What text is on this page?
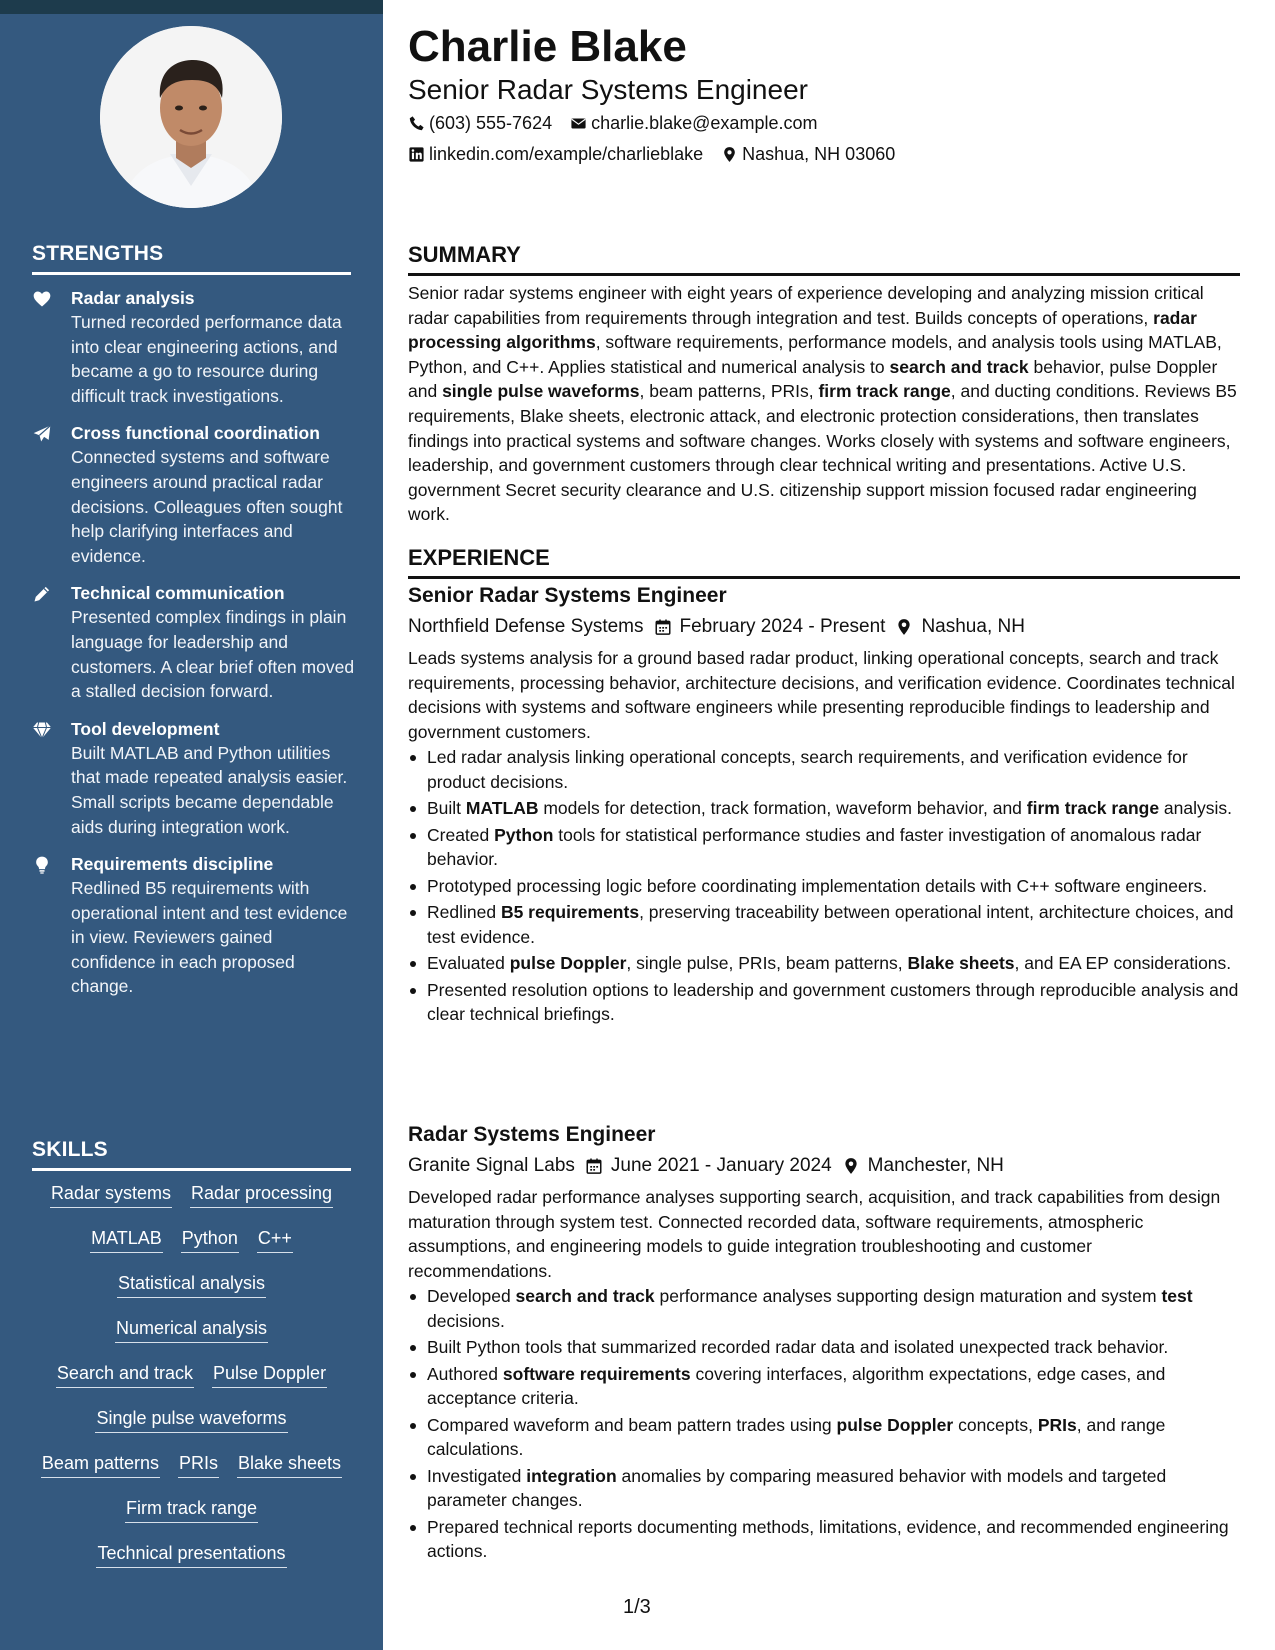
STRENGTHS
Radar analysis
Turned recorded performance data into clear engineering actions, and became a go to resource during difficult track investigations.
Cross functional coordination
Connected systems and software engineers around practical radar decisions. Colleagues often sought help clarifying interfaces and evidence.
Technical communication
Presented complex findings in plain language for leadership and customers. A clear brief often moved a stalled decision forward.
Tool development
Built MATLAB and Python utilities that made repeated analysis easier. Small scripts became dependable aids during integration work.
Requirements discipline
Redlined B5 requirements with operational intent and test evidence in view. Reviewers gained confidence in each proposed change.
SKILLS
Radar systems Radar processing
MATLAB Python C++
Statistical analysis
Numerical analysis
Search and track Pulse Doppler
Single pulse waveforms
Beam patterns PRIs Blake sheets
Firm track range
Technical presentations
Charlie Blake
Senior Radar Systems Engineer
(603) 555-7624 charlie.blake@example.com
linkedin.com/example/charlieblake Nashua, NH 03060
SUMMARY
Senior radar systems engineer with eight years of experience developing and analyzing mission critical radar capabilities from requirements through integration and test. Builds concepts of operations, radar processing algorithms, software requirements, performance models, and analysis tools using MATLAB, Python, and C++. Applies statistical and numerical analysis to search and track behavior, pulse Doppler and single pulse waveforms, beam patterns, PRIs, firm track range, and ducting conditions. Reviews B5 requirements, Blake sheets, electronic attack, and electronic protection considerations, then translates findings into practical systems and software changes. Works closely with systems and software engineers, leadership, and government customers through clear technical writing and presentations. Active U.S. government Secret security clearance and U.S. citizenship support mission focused radar engineering work.
EXPERIENCE
Senior Radar Systems Engineer
Northfield Defense Systems February 2024 - Present Nashua, NH
Leads systems analysis for a ground based radar product, linking operational concepts, search and track requirements, processing behavior, architecture decisions, and verification evidence. Coordinates technical decisions with systems and software engineers while presenting reproducible findings to leadership and government customers.
Led radar analysis linking operational concepts, search requirements, and verification evidence for product decisions.
Built MATLAB models for detection, track formation, waveform behavior, and firm track range analysis.
Created Python tools for statistical performance studies and faster investigation of anomalous radar behavior.
Prototyped processing logic before coordinating implementation details with C++ software engineers.
Redlined B5 requirements, preserving traceability between operational intent, architecture choices, and test evidence.
Evaluated pulse Doppler, single pulse, PRIs, beam patterns, Blake sheets, and EA EP considerations.
Presented resolution options to leadership and government customers through reproducible analysis and clear technical briefings.
Radar Systems Engineer
Granite Signal Labs June 2021 - January 2024 Manchester, NH
Developed radar performance analyses supporting search, acquisition, and track capabilities from design maturation through system test. Connected recorded data, software requirements, atmospheric assumptions, and engineering models to guide integration troubleshooting and customer recommendations.
Developed search and track performance analyses supporting design maturation and system test decisions.
Built Python tools that summarized recorded radar data and isolated unexpected track behavior.
Authored software requirements covering interfaces, algorithm expectations, edge cases, and acceptance criteria.
Compared waveform and beam pattern trades using pulse Doppler concepts, PRIs, and range calculations.
Investigated integration anomalies by comparing measured behavior with models and targeted parameter changes.
Prepared technical reports documenting methods, limitations, evidence, and recommended engineering actions.
1/3
